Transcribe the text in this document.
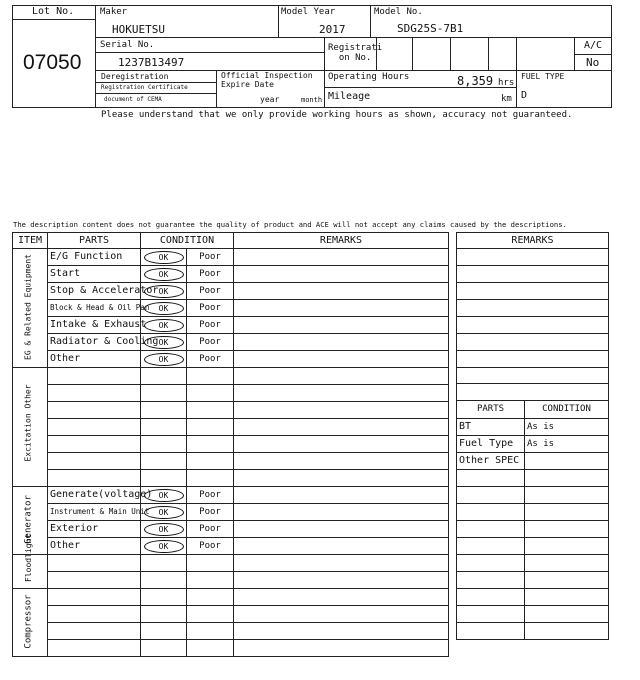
Lot No.
07050
Maker
HOKUETSU
Model Year
2017
Model No.
SDG25S-7B1
Serial No.
1237B13497
Registrati
on No.
A/C
No
Deregistration
Registration Certificate
document of CEMA
Official Inspection
Expire Date
year	month
Operating Hours	8,359 hrs
Mileage	km
FUEL TYPE
D
Please understand that we only provide working hours as shown, accuracy not guaranteed.
The description content does not guarantee the quality of product and ACE will not accept any claims caused by the descriptions.
ITEM	PARTS	CONDITION		REMARKS

EG & Related Equipment	E/G Function	OK	Poor	
	Start	OK	Poor	
	Stop & Accelerator	OK	Poor	
	Block & Head & Oil Pan	OK	Poor	
	Intake & Exhaust	OK	Poor	
	Radiator & Cooling	OK	Poor	
	Other	OK	Poor	

Excitation Other				

Generator	Generate(voltage)	OK	Poor	
	Instrument & Main Unit	OK	Poor	
	Exterior	OK	Poor	
	Other	OK	Poor	

Floodlight				

Compressor				

REMARKS	

PARTS	CONDITION
BT	As is
Fuel Type	As is
Other SPEC	
